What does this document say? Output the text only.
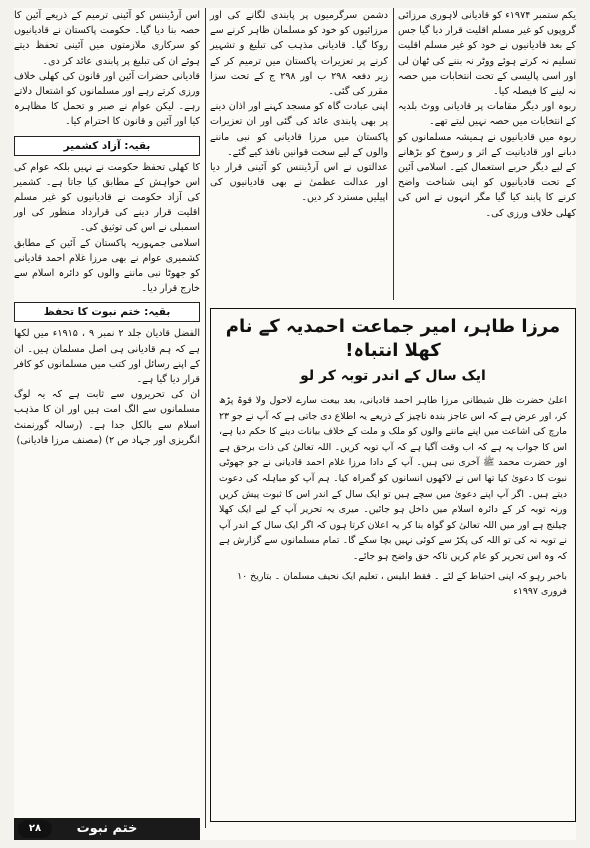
یکم ستمبر ۱۹۷۴ء کو قادیانی لاہوری مرزائی گروپوں کو غیر مسلم اقلیت قرار دیا گیا جس کے بعد قادیانیوں نے خود کو غیر مسلم اقلیت تسلیم نہ کرتے ہوئے ووٹر نہ بننے کی ٹھان لی اور اسی پالیسی کے تحت انتخابات میں حصہ نہ لینے کا فیصلہ کیا۔

ربوہ اور دیگر مقامات پر قادیانی ووٹ بلدیہ کے انتخابات میں حصہ نہیں لیتے تھے۔

ربوہ میں قادیانیوں نے ہمیشہ مسلمانوں کو دبانے اور قادیانیت کے اثر و رسوخ کو بڑھانے کے لیے دیگر حربے استعمال کیے۔ اسلامی آئین کے تحت قادیانیوں کو اپنی شناخت واضح کرنے کا پابند کیا گیا مگر انہوں نے اس کی کھلی خلاف ورزی کی۔

دشمن سرگرمیوں پر پابندی لگانے کی اور مرزائیوں کو خود کو مسلمان ظاہر کرنے سے روکا گیا۔ قادیانی مذہب کی تبلیغ و تشہیر کرنے پر تعزیرات پاکستان میں ترمیم کر کے زیر دفعہ ۲۹۸ ب اور ۲۹۸ ج کے تحت سزا مقرر کی گئی۔

اپنی عبادت گاہ کو مسجد کہنے اور اذان دینے پر بھی پابندی عائد کی گئی اور ان تعزیرات پاکستان میں مرزا قادیانی کو نبی ماننے والوں کے لیے سخت قوانین نافذ کیے گئے۔

عدالتوں نے اس آرڈیننس کو آئینی قرار دیا اور عدالت عظمیٰ نے بھی قادیانیوں کی اپیلیں مسترد کر دیں۔

اس آرڈیننس کو آئینی ترمیم کے ذریعے آئین کا حصہ بنا دیا گیا۔ حکومت پاکستان نے قادیانیوں کو سرکاری ملازمتوں میں آئینی تحفظ دیتے ہوئے ان کی تبلیغ پر پابندی عائد کر دی۔

قادیانی حضرات آئین اور قانون کی کھلی خلاف ورزی کرتے رہے اور مسلمانوں کو اشتعال دلاتے رہے۔ لیکن عوام نے صبر و تحمل کا مظاہرہ کیا اور آئین و قانون کا احترام کیا۔

بقیہ: آزاد کشمیر

کا کھلی تحفظ حکومت نے نہیں بلکہ عوام کی اس خواہش کے مطابق کیا جاتا ہے۔ کشمیر کی آزاد حکومت نے قادیانیوں کو غیر مسلم اقلیت قرار دینے کی قرارداد منظور کی اور اسمبلی نے اس کی توثیق کی۔

اسلامی جمہوریہ پاکستان کے آئین کے مطابق کشمیری عوام نے بھی مرزا غلام احمد قادیانی کو جھوٹا نبی ماننے والوں کو دائرہ اسلام سے خارج قرار دیا۔

بقیہ: ختم نبوت کا تحفظ

الفضل قادیان جلد ۲ نمبر ۹ ، ۱۹۱۵ء میں لکھا ہے کہ ہم قادیانی ہی اصل مسلمان ہیں۔ ان کے اپنے رسائل اور کتب میں مسلمانوں کو کافر قرار دیا گیا ہے۔

ان کی تحریروں سے ثابت ہے کہ یہ لوگ مسلمانوں سے الگ امت ہیں اور ان کا مذہب اسلام سے بالکل جدا ہے۔ (رسالہ گورنمنٹ انگریزی اور جہاد ص ۲) (مصنف مرزا قادیانی)

مرزا طاہر، امیر جماعت احمدیہ کے نام کھلا انتباہ!
ایک سال کے اندر توبہ کر لو
اعلیٰ حضرت ظل شیطانی مرزا طاہر احمد قادیانی، بعد بیعت سارے لاحول ولا قوۃ پڑھ کر، اور عرض ہے کہ اس عاجز بندہ ناچیز کے ذریعے یہ اطلاع دی جاتی ہے کہ آپ نے جو ۲۳ مارچ کی اشاعت میں اپنے ماننے والوں کو ملک و ملت کے خلاف بیانات دینے کا حکم دیا ہے، اس کا جواب یہ ہے کہ اب وقت آگیا ہے کہ آپ توبہ کریں۔ اللہ تعالیٰ کی ذات برحق ہے اور حضرت محمد ﷺ آخری نبی ہیں۔ آپ کے دادا مرزا غلام احمد قادیانی نے جو جھوٹی نبوت کا دعویٰ کیا تھا اس نے لاکھوں انسانوں کو گمراہ کیا۔ ہم آپ کو مباہلہ کی دعوت دیتے ہیں۔ اگر آپ اپنے دعویٰ میں سچے ہیں تو ایک سال کے اندر اس کا ثبوت پیش کریں ورنہ توبہ کر کے دائرہ اسلام میں داخل ہو جائیں۔ میری یہ تحریر آپ کے لیے ایک کھلا چیلنج ہے اور میں اللہ تعالیٰ کو گواہ بنا کر یہ اعلان کرتا ہوں کہ اگر ایک سال کے اندر آپ نے توبہ نہ کی تو اللہ کی پکڑ سے کوئی نہیں بچا سکے گا۔ تمام مسلمانوں سے گزارش ہے کہ وہ اس تحریر کو عام کریں تاکہ حق واضح ہو جائے۔
باخبر رہو کہ اپنی احتیاط کے لئے ۔ فقط ابلیس ، تعلیم ایک نحیف مسلمان ۔ بتاریخ ۱۰ فروری ۱۹۹۷ء
ختم نبوت
۲۸
